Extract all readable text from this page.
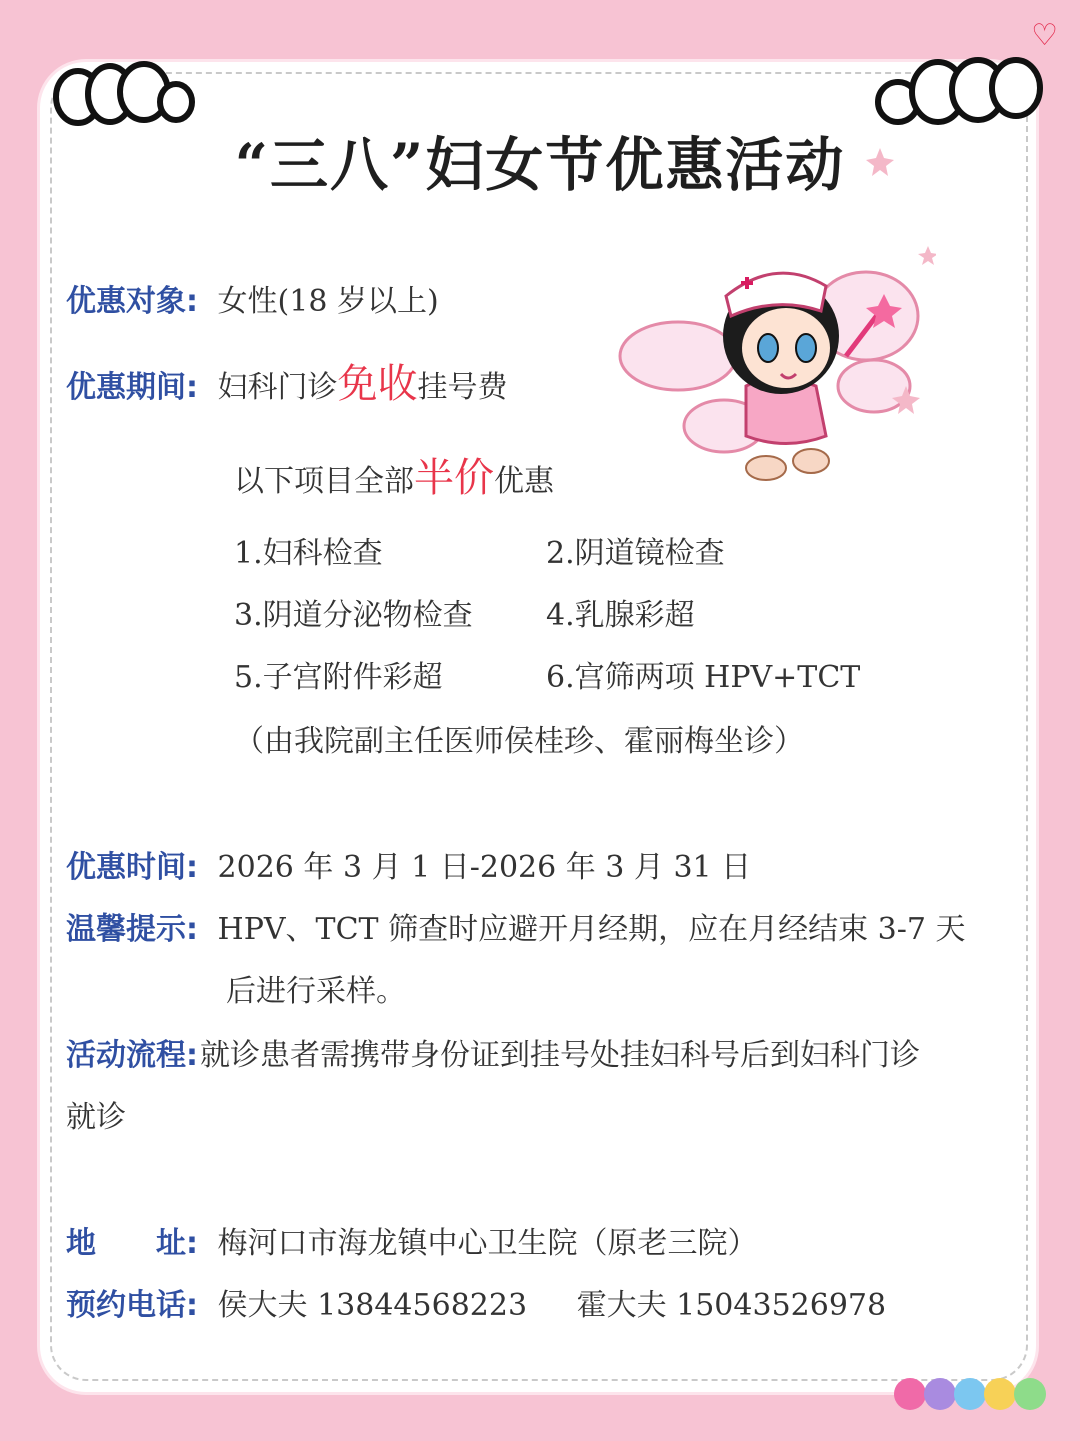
♡
“三八”妇女节优惠活动
优惠对象: 女性(18 岁以上)
优惠期间: 妇科门诊免收挂号费
以下项目全部半价优惠
1.妇科检查	2.阴道镜检查
3.阴道分泌物检查 4.乳腺彩超
5.子宫附件彩超	6.宫筛两项 HPV+TCT
（由我院副主任医师侯桂珍、霍丽梅坐诊）
优惠时间: 2026 年 3 月 1 日-2026 年 3 月 31 日
温馨提示: HPV、TCT 筛查时应避开月经期，应在月经结束 3-7 天
后进行采样。
活动流程:就诊患者需携带身份证到挂号处挂妇科号后到妇科门诊
就诊
地　　址: 梅河口市海龙镇中心卫生院（原老三院）
预约电话: 侯大夫 13844568223 霍大夫 15043526978
